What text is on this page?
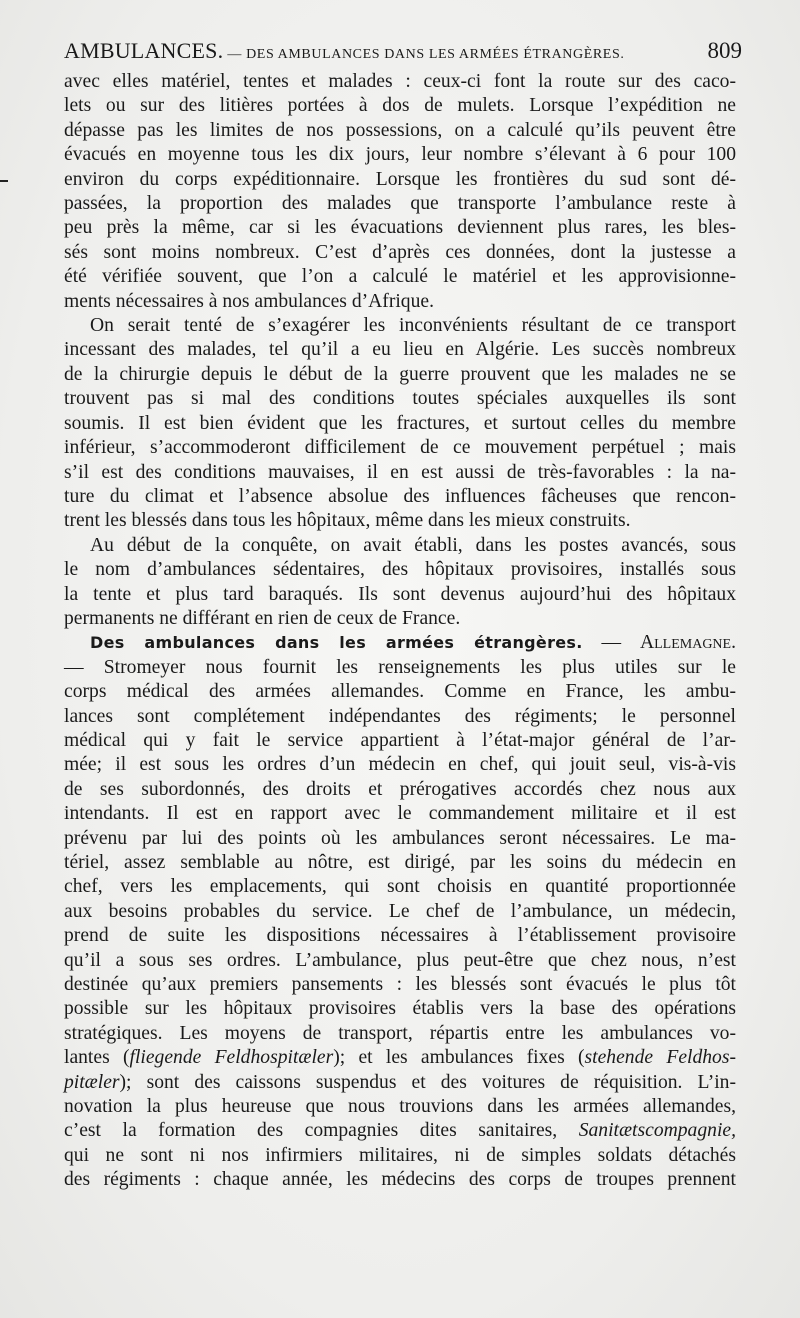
AMBULANCES. — DES AMBULANCES DANS LES ARMÉES ÉTRANGÈRES.	809
avec elles matériel, tentes et malades : ceux-ci font la route sur des caco-
lets ou sur des litières portées à dos de mulets. Lorsque l’expédition ne
dépasse pas les limites de nos possessions, on a calculé qu’ils peuvent être
évacués en moyenne tous les dix jours, leur nombre s’élevant à 6 pour 100
environ du corps expéditionnaire. Lorsque les frontières du sud sont dé-
passées, la proportion des malades que transporte l’ambulance reste à
peu près la même, car si les évacuations deviennent plus rares, les bles-
sés sont moins nombreux. C’est d’après ces données, dont la justesse a
été vérifiée souvent, que l’on a calculé le matériel et les approvisionne-
ments nécessaires à nos ambulances d’Afrique.
On serait tenté de s’exagérer les inconvénients résultant de ce transport
incessant des malades, tel qu’il a eu lieu en Algérie. Les succès nombreux
de la chirurgie depuis le début de la guerre prouvent que les malades ne se
trouvent pas si mal des conditions toutes spéciales auxquelles ils sont
soumis. Il est bien évident que les fractures, et surtout celles du membre
inférieur, s’accommoderont difficilement de ce mouvement perpétuel ; mais
s’il est des conditions mauvaises, il en est aussi de très-favorables : la na-
ture du climat et l’absence absolue des influences fâcheuses que rencon-
trent les blessés dans tous les hôpitaux, même dans les mieux construits.
Au début de la conquête, on avait établi, dans les postes avancés, sous
le nom d’ambulances sédentaires, des hôpitaux provisoires, installés sous
la tente et plus tard baraqués. Ils sont devenus aujourd’hui des hôpitaux
permanents ne différant en rien de ceux de France.
Des ambulances dans les armées étrangères. — Allemagne.
— Stromeyer nous fournit les renseignements les plus utiles sur le
corps médical des armées allemandes. Comme en France, les ambu-
lances sont complétement indépendantes des régiments; le personnel
médical qui y fait le service appartient à l’état-major général de l’ar-
mée; il est sous les ordres d’un médecin en chef, qui jouit seul, vis-à-vis
de ses subordonnés, des droits et prérogatives accordés chez nous aux
intendants. Il est en rapport avec le commandement militaire et il est
prévenu par lui des points où les ambulances seront nécessaires. Le ma-
tériel, assez semblable au nôtre, est dirigé, par les soins du médecin en
chef, vers les emplacements, qui sont choisis en quantité proportionnée
aux besoins probables du service. Le chef de l’ambulance, un médecin,
prend de suite les dispositions nécessaires à l’établissement provisoire
qu’il a sous ses ordres. L’ambulance, plus peut-être que chez nous, n’est
destinée qu’aux premiers pansements : les blessés sont évacués le plus tôt
possible sur les hôpitaux provisoires établis vers la base des opérations
stratégiques. Les moyens de transport, répartis entre les ambulances vo-
lantes (fliegende Feldhospitæler); et les ambulances fixes (stehende Feldhos-
pitæler); sont des caissons suspendus et des voitures de réquisition. L’in-
novation la plus heureuse que nous trouvions dans les armées allemandes,
c’est la formation des compagnies dites sanitaires, Sanitætscompagnie,
qui ne sont ni nos infirmiers militaires, ni de simples soldats détachés
des régiments : chaque année, les médecins des corps de troupes prennent
